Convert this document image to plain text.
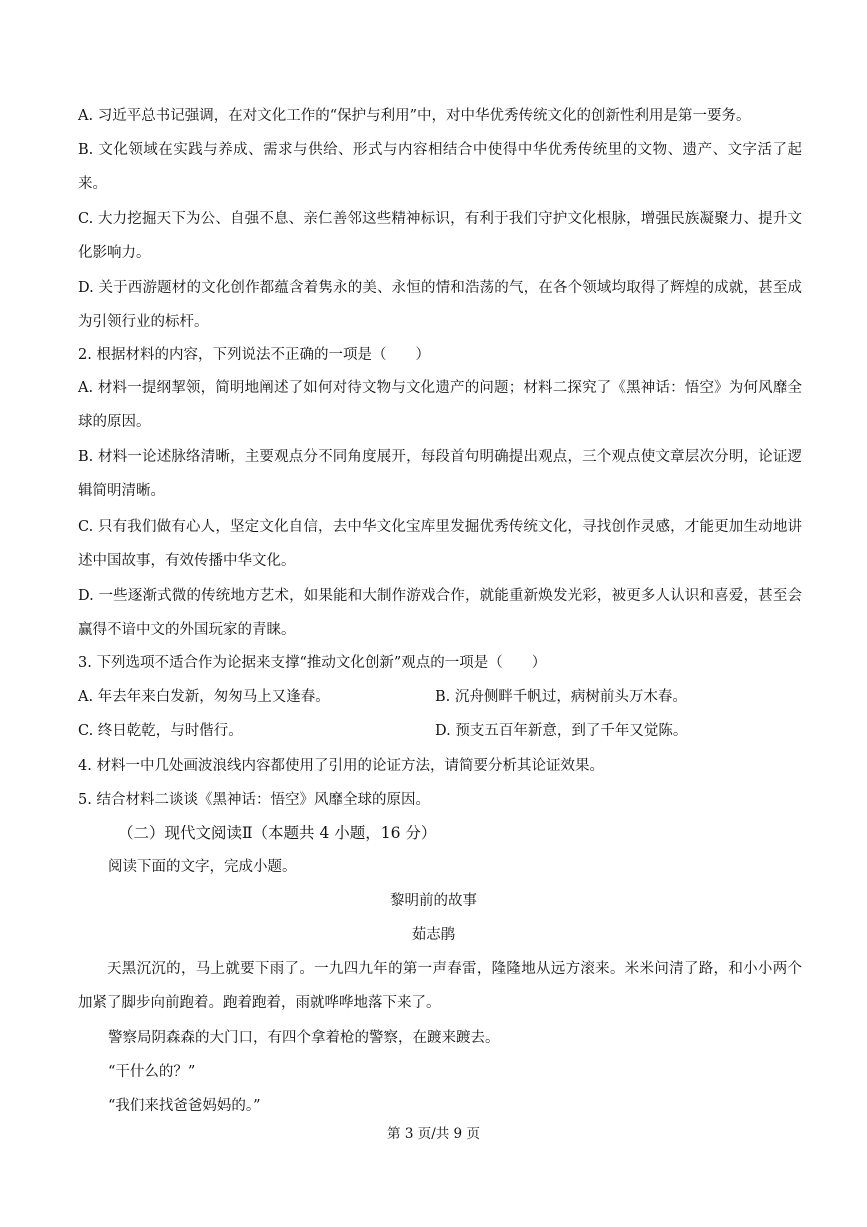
A. 习近平总书记强调，在对文化工作的“保护与利用”中，对中华优秀传统文化的创新性利用是第一要务。
B. 文化领域在实践与养成、需求与供给、形式与内容相结合中使得中华优秀传统里的文物、遗产、文字活了起来。
C. 大力挖掘天下为公、自强不息、亲仁善邻这些精神标识，有利于我们守护文化根脉，增强民族凝聚力、提升文化影响力。
D. 关于西游题材的文化创作都蕴含着隽永的美、永恒的情和浩荡的气，在各个领域均取得了辉煌的成就，甚至成为引领行业的标杆。
2. 根据材料的内容，下列说法不正确的一项是（　　）
A. 材料一提纲挈领，简明地阐述了如何对待文物与文化遗产的问题；材料二探究了《黑神话：悟空》为何风靡全球的原因。
B. 材料一论述脉络清晰，主要观点分不同角度展开，每段首句明确提出观点，三个观点使文章层次分明，论证逻辑简明清晰。
C. 只有我们做有心人，坚定文化自信，去中华文化宝库里发掘优秀传统文化，寻找创作灵感，才能更加生动地讲述中国故事，有效传播中华文化。
D. 一些逐渐式微的传统地方艺术，如果能和大制作游戏合作，就能重新焕发光彩，被更多人认识和喜爱，甚至会赢得不谙中文的外国玩家的青睐。
3. 下列选项不适合作为论据来支撑“推动文化创新”观点的一项是（　　）
A. 年去年来白发新，匆匆马上又逢春。	B. 沉舟侧畔千帆过，病树前头万木春。
C. 终日乾乾，与时偕行。	D. 预支五百年新意，到了千年又觉陈。
4. 材料一中几处画波浪线内容都使用了引用的论证方法，请简要分析其论证效果。
5. 结合材料二谈谈《黑神话：悟空》风靡全球的原因。
（二）现代文阅读Ⅱ（本题共 4 小题，16 分）
阅读下面的文字，完成小题。
黎明前的故事
茹志鹃
天黑沉沉的，马上就要下雨了。一九四九年的第一声春雷，隆隆地从远方滚来。米米问清了路，和小小两个加紧了脚步向前跑着。跑着跑着，雨就哗哗地落下来了。
警察局阴森森的大门口，有四个拿着枪的警察，在踱来踱去。
“干什么的？”
“我们来找爸爸妈妈的。”
第 3 页/共 9 页
